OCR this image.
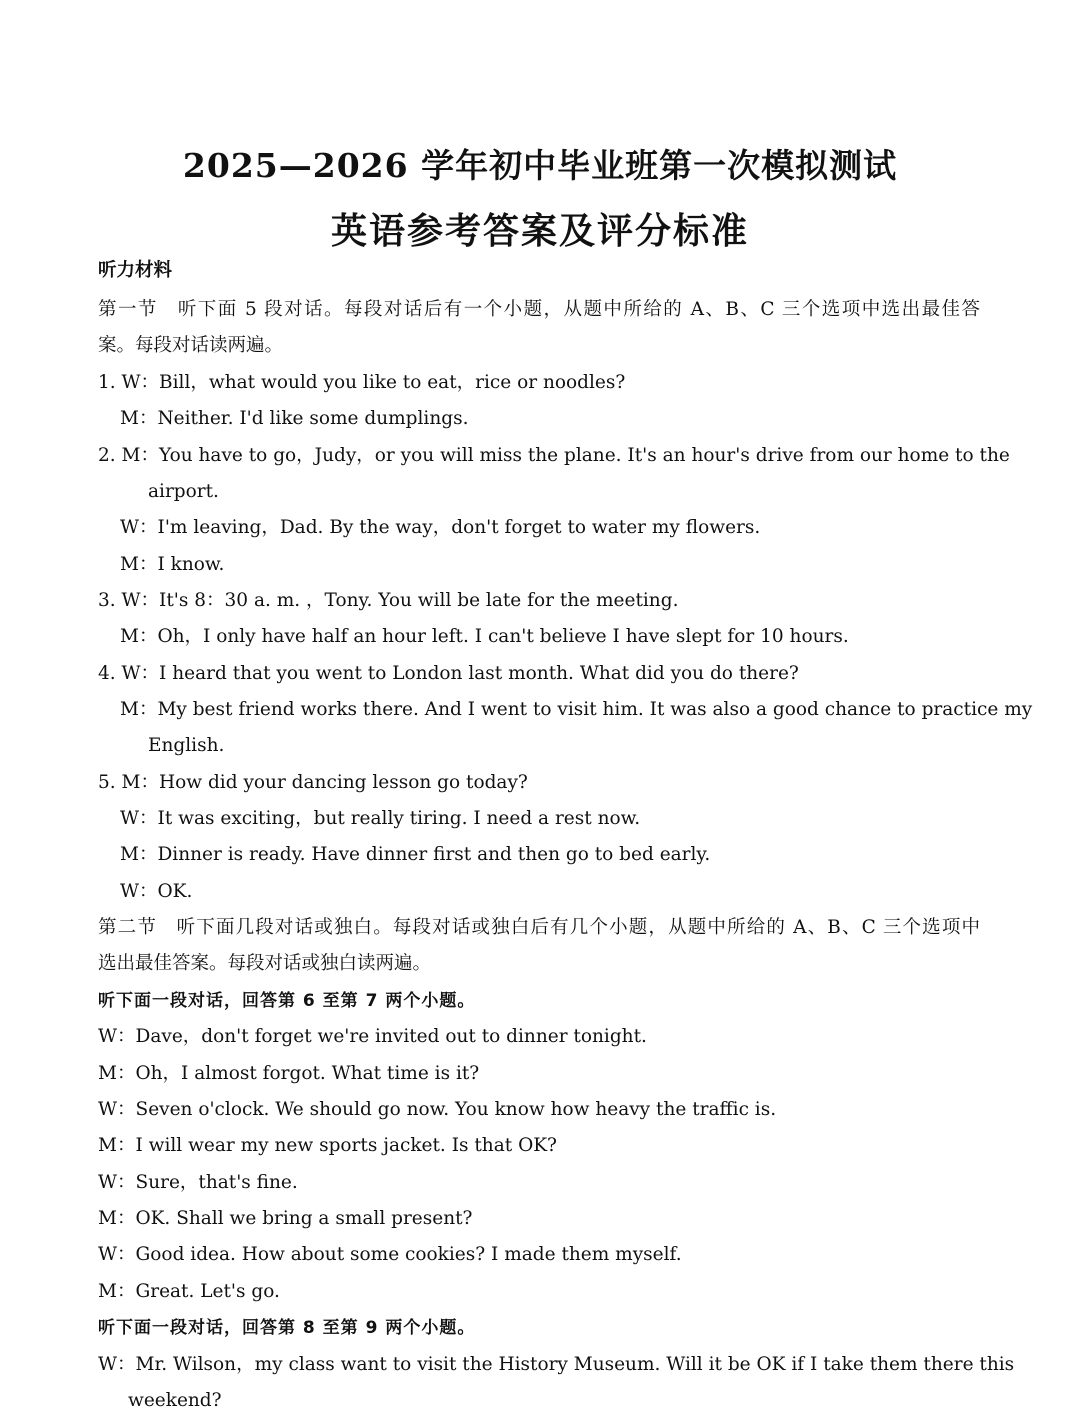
2025—2026 学年初中毕业班第一次模拟测试
英语参考答案及评分标准
听力材料
第一节　听下面 5 段对话。每段对话后有一个小题，从题中所给的 A、B、C 三个选项中选出最佳答
案。每段对话读两遍。
1. W：Bill，what would you like to eat，rice or noodles?
M：Neither. I'd like some dumplings.
2. M：You have to go，Judy，or you will miss the plane. It's an hour's drive from our home to the
airport.
W：I'm leaving，Dad. By the way，don't forget to water my flowers.
M：I know.
3. W：It's 8：30 a. m. ，Tony. You will be late for the meeting.
M：Oh，I only have half an hour left. I can't believe I have slept for 10 hours.
4. W：I heard that you went to London last month. What did you do there?
M：My best friend works there. And I went to visit him. It was also a good chance to practice my
English.
5. M：How did your dancing lesson go today?
W：It was exciting，but really tiring. I need a rest now.
M：Dinner is ready. Have dinner first and then go to bed early.
W：OK.
第二节　听下面几段对话或独白。每段对话或独白后有几个小题，从题中所给的 A、B、C 三个选项中
选出最佳答案。每段对话或独白读两遍。
听下面一段对话，回答第 6 至第 7 两个小题。
W：Dave，don't forget we're invited out to dinner tonight.
M：Oh，I almost forgot. What time is it?
W：Seven o'clock. We should go now. You know how heavy the traffic is.
M：I will wear my new sports jacket. Is that OK?
W：Sure，that's fine.
M：OK. Shall we bring a small present?
W：Good idea. How about some cookies? I made them myself.
M：Great. Let's go.
听下面一段对话，回答第 8 至第 9 两个小题。
W：Mr. Wilson，my class want to visit the History Museum. Will it be OK if I take them there this
weekend?
